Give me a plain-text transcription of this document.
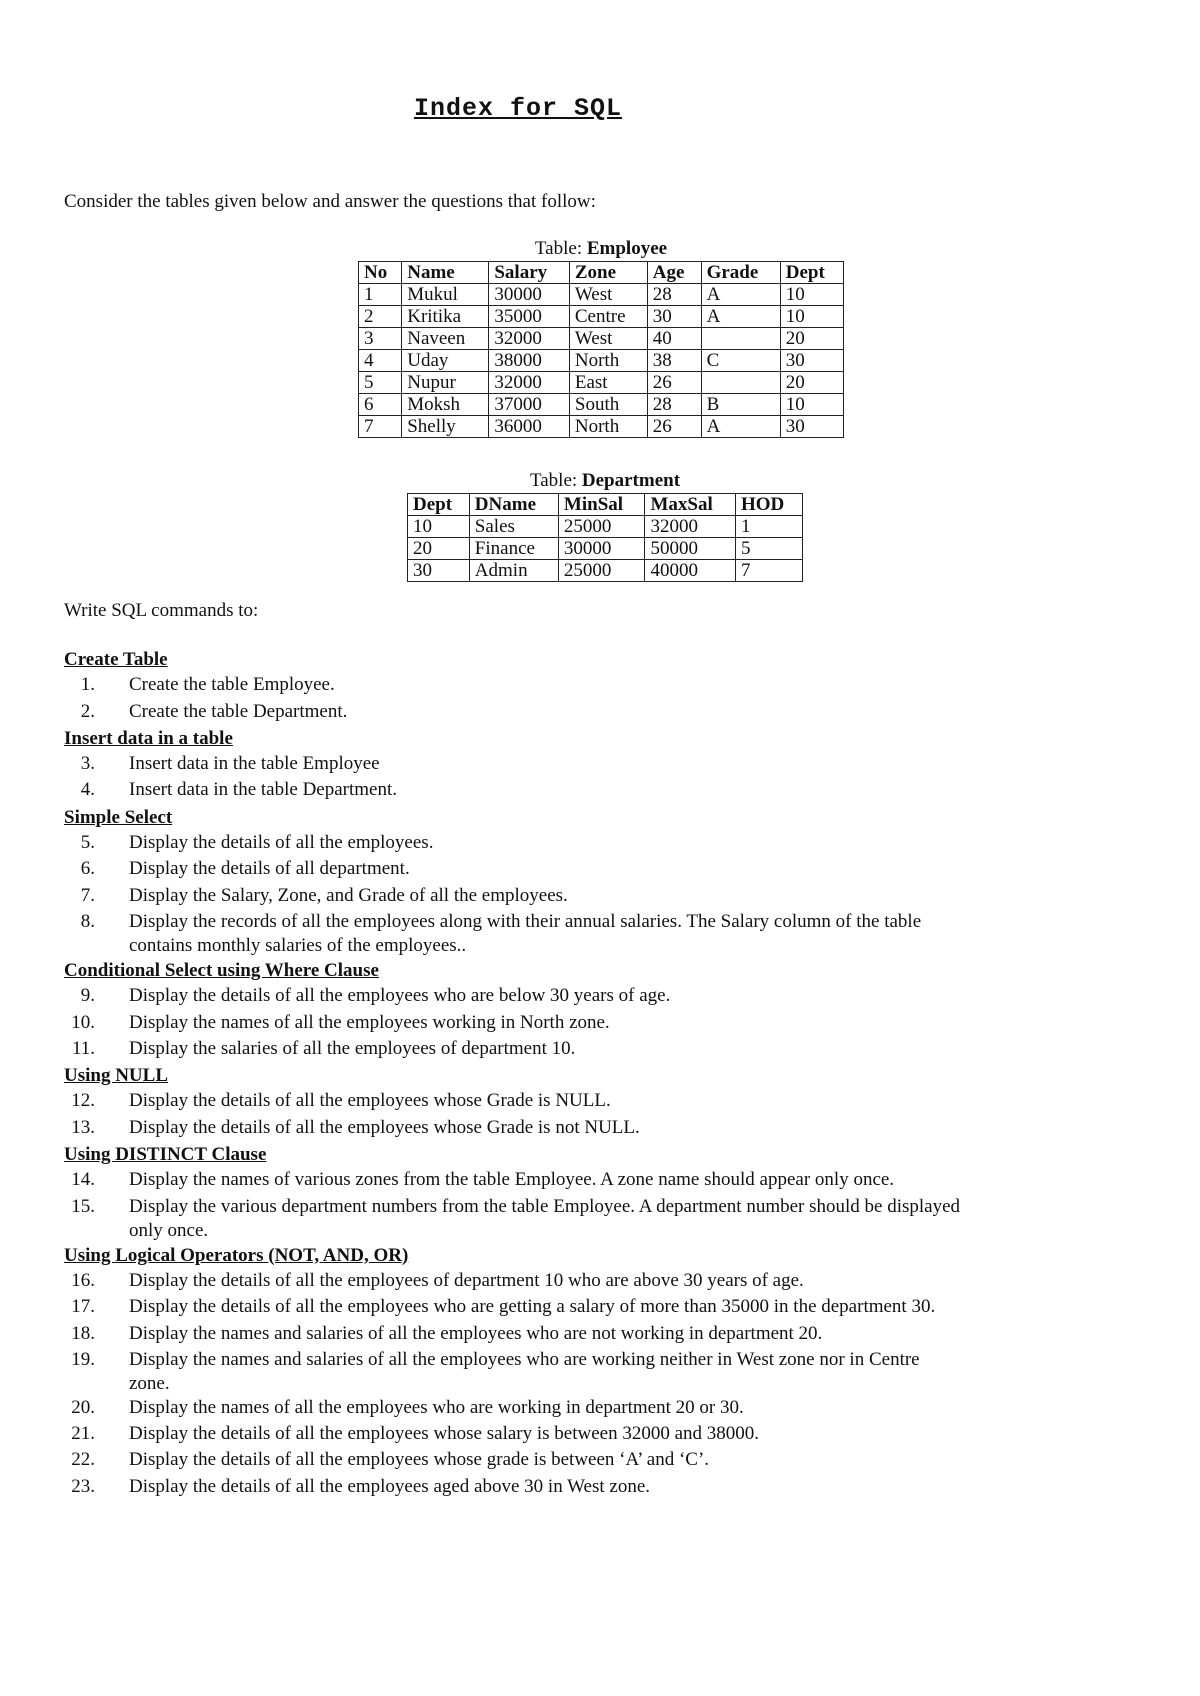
Index for SQL
Consider the tables given below and answer the questions that follow:
Table: Employee
No	Name	Salary	Zone	Age	Grade	Dept
1	Mukul	30000	West	28	A	10
2	Kritika	35000	Centre	30	A	10
3	Naveen	32000	West	40		20
4	Uday	38000	North	38	C	30
5	Nupur	32000	East	26		20
6	Moksh	37000	South	28	B	10
7	Shelly	36000	North	26	A	30
Table: Department
Dept	DName	MinSal	MaxSal	HOD
10	Sales	25000	32000	1
20	Finance	30000	50000	5
30	Admin	25000	40000	7
Write SQL commands to:
Create Table
1. Create the table Employee.
2. Create the table Department.
Insert data in a table
3. Insert data in the table Employee
4. Insert data in the table Department.
Simple Select
5. Display the details of all the employees.
6. Display the details of all department.
7. Display the Salary, Zone, and Grade of all the employees.
8. Display the records of all the employees along with their annual salaries. The Salary column of the table contains monthly salaries of the employees..
Conditional Select using Where Clause
9. Display the details of all the employees who are below 30 years of age.
10. Display the names of all the employees working in North zone.
11. Display the salaries of all the employees of department 10.
Using NULL
12. Display the details of all the employees whose Grade is NULL.
13. Display the details of all the employees whose Grade is not NULL.
Using DISTINCT Clause
14. Display the names of various zones from the table Employee. A zone name should appear only once.
15. Display the various department numbers from the table Employee. A department number should be displayed only once.
Using Logical Operators (NOT, AND, OR)
16. Display the details of all the employees of department 10 who are above 30 years of age.
17. Display the details of all the employees who are getting a salary of more than 35000 in the department 30.
18. Display the names and salaries of all the employees who are not working in department 20.
19. Display the names and salaries of all the employees who are working neither in West zone nor in Centre zone.
20. Display the names of all the employees who are working in department 20 or 30.
21. Display the details of all the employees whose salary is between 32000 and 38000.
22. Display the details of all the employees whose grade is between ‘A’ and ‘C’.
23. Display the details of all the employees aged above 30 in West zone.
